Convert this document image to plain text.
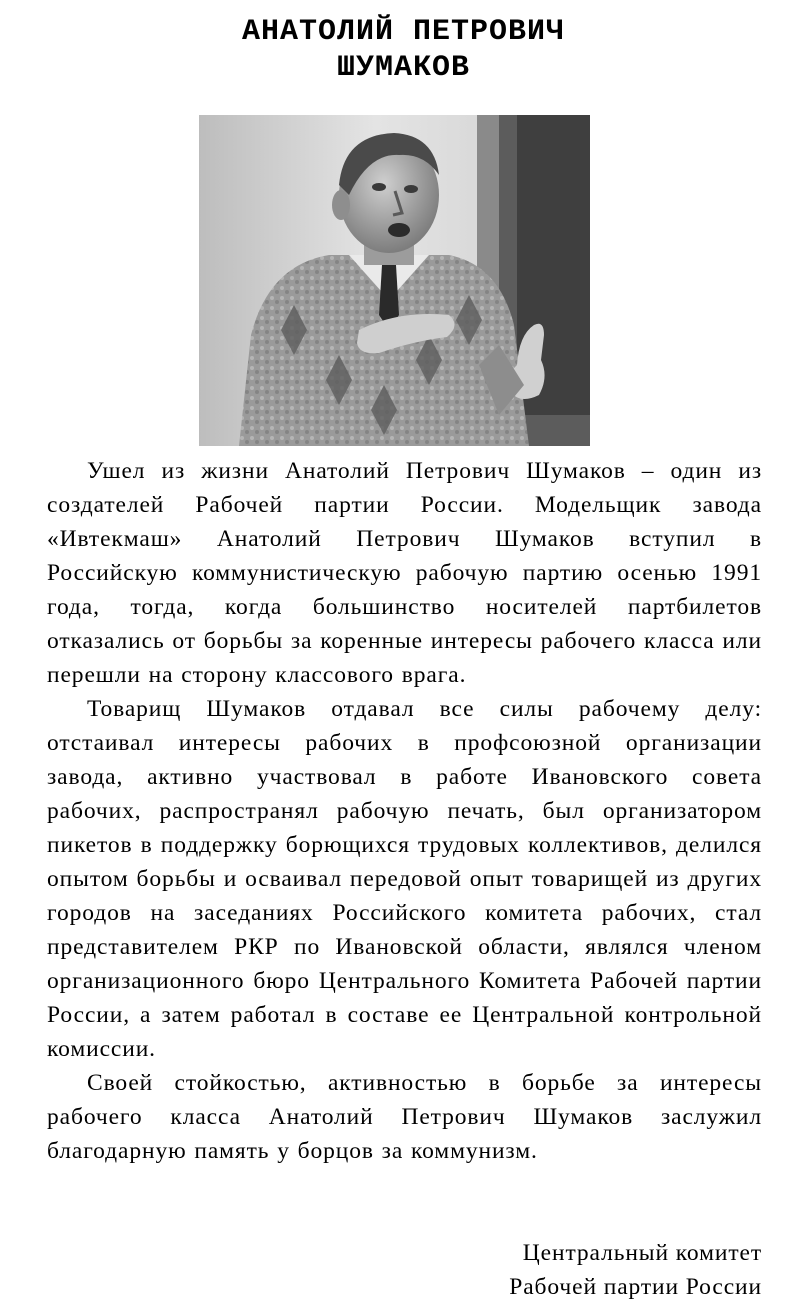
АНАТОЛИЙ ПЕТРОВИЧ
ШУМАКОВ

Ушел из жизни Анатолий Петрович Шумаков – один из создателей Рабочей партии России. Модельщик завода «Ивтекмаш» Анатолий Петрович Шумаков вступил в Российскую коммунистическую рабочую партию осенью 1991 года, тогда, когда большинство носителей партбилетов отказались от борьбы за коренные интересы рабочего класса или перешли на сторону классового врага.

Товарищ Шумаков отдавал все силы рабочему делу: отстаивал интересы рабочих в профсоюзной организации завода, активно участвовал в работе Ивановского совета рабочих, распространял рабочую печать, был организатором пикетов в поддержку борющихся трудовых коллективов, делился опытом борьбы и осваивал передовой опыт товарищей из других городов на заседаниях Российского комитета рабочих, стал представителем РКР по Ивановской области, являлся членом организационного бюро Центрального Комитета Рабочей партии России, а затем работал в составе ее Центральной контрольной комиссии.

Своей стойкостью, активностью в борьбе за интересы рабочего класса Анатолий Петрович Шумаков заслужил благодарную память у борцов за коммунизм.

Центральный комитет
Рабочей партии России
